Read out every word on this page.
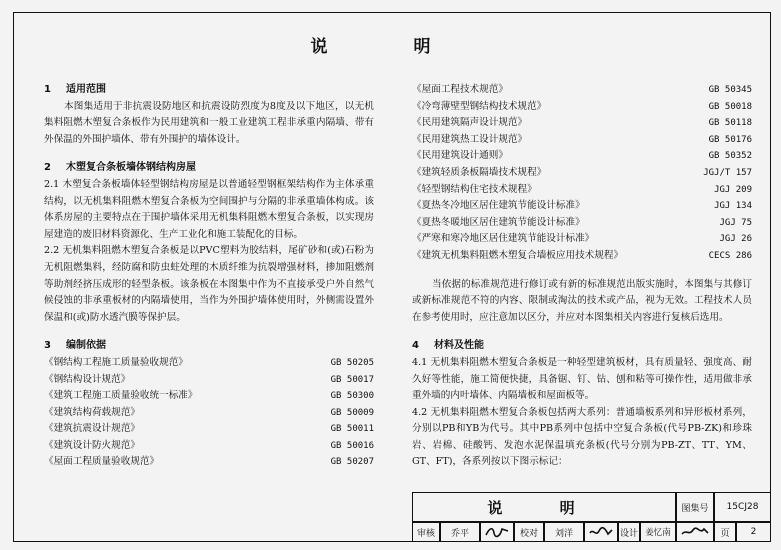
说 明
1 适用范围

本图集适用于非抗震设防地区和抗震设防烈度为8度及以下地区，以无机集料阻燃木塑复合条板作为民用建筑和一般工业建筑工程非承重内隔墙、带有外保温的外围护墙体、带有外围护的墙体设计。

2 木塑复合条板墙体钢结构房屋

2.1 木塑复合条板墙体轻型钢结构房屋是以普通轻型钢框架结构作为主体承重结构，以无机集料阻燃木塑复合条板为空间围护与分隔的非承重墙体构成。该体系房屋的主要特点在于围护墙体采用无机集料阻燃木塑复合条板，以实现房屋建造的废旧材料资源化、生产工业化和施工装配化的目标。

2.2 无机集料阻燃木塑复合条板是以PVC塑料为胶结料，尾矿砂和(或)石粉为无机阻燃集料，经防腐和防虫蛀处理的木质纤维为抗裂增强材料，掺加阻燃剂等助剂经挤压成形的轻型条板。该条板在本图集中作为不直接承受户外自然气候侵蚀的非承重板材的内隔墙使用，当作为外围护墙体使用时，外侧需设置外保温和(或)防水透汽膜等保护层。

3 编制依据
《钢结构工程施工质量验收规范》	GB 50205
《钢结构设计规范》	GB 50017
《建筑工程施工质量验收统一标准》	GB 50300
《建筑结构荷载规范》	GB 50009
《建筑抗震设计规范》	GB 50011
《建筑设计防火规范》	GB 50016
《屋面工程质量验收规范》	GB 50207
《屋面工程技术规范》	GB 50345
《冷弯薄壁型钢结构技术规范》	GB 50018
《民用建筑隔声设计规范》	GB 50118
《民用建筑热工设计规范》	GB 50176
《民用建筑设计通则》	GB 50352
《建筑轻质条板隔墙技术规程》	JGJ/T 157
《轻型钢结构住宅技术规程》	JGJ 209
《夏热冬冷地区居住建筑节能设计标准》	JGJ 134
《夏热冬暖地区居住建筑节能设计标准》	JGJ 75
《严寒和寒冷地区居住建筑节能设计标准》	JGJ 26
《建筑无机集料阻燃木塑复合墙板应用技术规程》	CECS 286

当依据的标准规范进行修订或有新的标准规范出版实施时，本图集与其修订或新标准规范不符的内容、限制或淘汰的技术或产品，视为无效。工程技术人员在参考使用时，应注意加以区分，并应对本图集相关内容进行复核后选用。

4 材料及性能

4.1 无机集料阻燃木塑复合条板是一种轻型建筑板材，具有质量轻、强度高、耐久好等性能，施工简便快捷，具备锯、钉、钻、刨和粘等可操作性，适用做非承重外墙的内叶墙体、内隔墙板和屋面板等。

4.2 无机集料阻燃木塑复合条板包括两大系列：普通墙板系列和异形板材系列，分别以PB和YB为代号。其中PB系列中包括中空复合条板(代号PB-ZK)和珍珠岩、岩棉、硅酸钙、发泡水泥保温填充条板(代号分别为PB-ZT、TT、YM、GT、FT)，各系列按以下图示标记：

说 明	图集号	15CJ28
审核	乔平	校对	刘洋	设计 姜忆南	页	2
